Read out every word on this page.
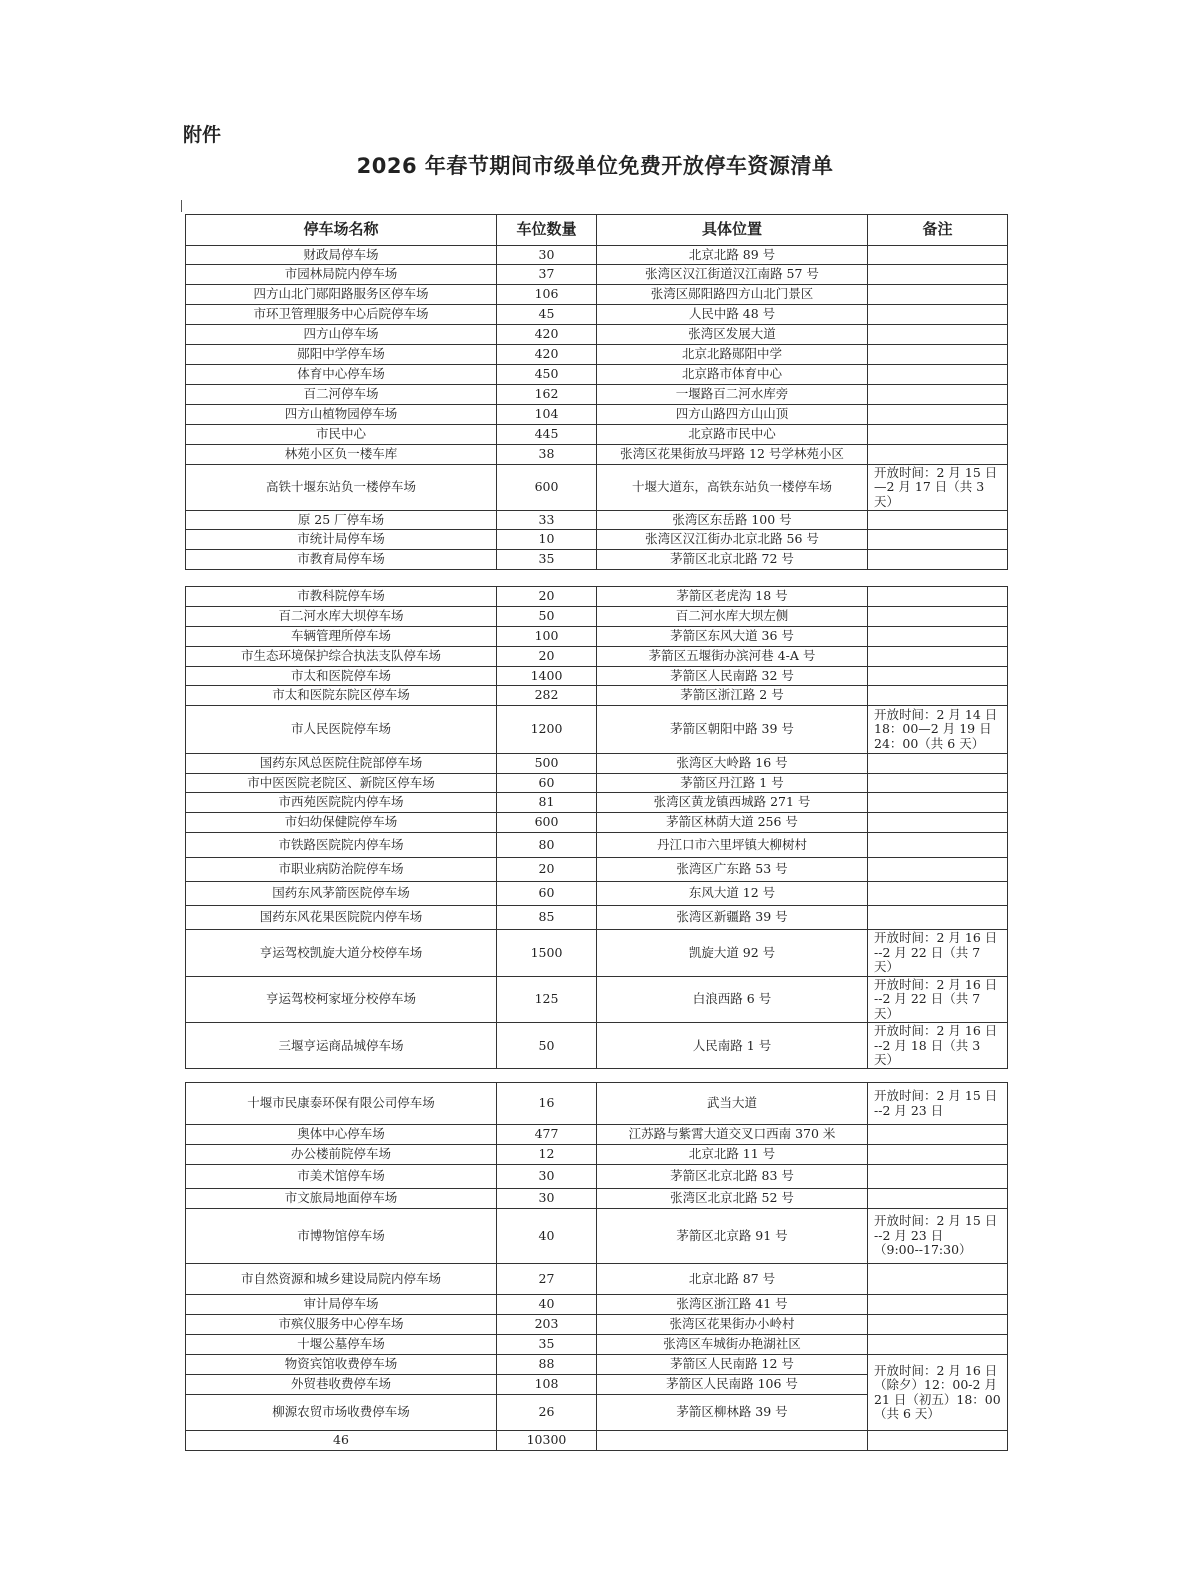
附件
2026 年春节期间市级单位免费开放停车资源清单
停车场名称	车位数量	具体位置	备注
财政局停车场	30	北京北路 89 号	
市园林局院内停车场	37	张湾区汉江街道汉江南路 57 号	
四方山北门郧阳路服务区停车场	106	张湾区郧阳路四方山北门景区	
市环卫管理服务中心后院停车场	45	人民中路 48 号	
四方山停车场	420	张湾区发展大道	
郧阳中学停车场	420	北京北路郧阳中学	
体育中心停车场	450	北京路市体育中心	
百二河停车场	162	一堰路百二河水库旁	
四方山植物园停车场	104	四方山路四方山山顶	
市民中心	445	北京路市民中心	
林苑小区负一楼车库	38	张湾区花果街放马坪路 12 号学林苑小区	
高铁十堰东站负一楼停车场	600	十堰大道东，高铁东站负一楼停车场	开放时间：2 月 15 日
—2 月 17 日（共 3 天）
原 25 厂停车场	33	张湾区东岳路 100 号	
市统计局停车场	10	张湾区汉江街办北京北路 56 号	
市教育局停车场	35	茅箭区北京北路 72 号	
市教科院停车场	20	茅箭区老虎沟 18 号	
百二河水库大坝停车场	50	百二河水库大坝左侧	
车辆管理所停车场	100	茅箭区东风大道 36 号	
市生态环境保护综合执法支队停车场	20	茅箭区五堰街办滨河巷 4-A 号	
市太和医院停车场	1400	茅箭区人民南路 32 号	
市太和医院东院区停车场	282	茅箭区浙江路 2 号	
市人民医院停车场	1200	茅箭区朝阳中路 39 号	开放时间：2 月 14 日
18：00—2 月 19 日
24：00（共 6 天）
国药东风总医院住院部停车场	500	张湾区大岭路 16 号	
市中医医院老院区、新院区停车场	60	茅箭区丹江路 1 号	
市西苑医院院内停车场	81	张湾区黄龙镇西城路 271 号	
市妇幼保健院停车场	600	茅箭区林荫大道 256 号	
市铁路医院院内停车场	80	丹江口市六里坪镇大柳树村	
市职业病防治院停车场	20	张湾区广东路 53 号	
国药东风茅箭医院停车场	60	东风大道 12 号	
国药东风花果医院院内停车场	85	张湾区新疆路 39 号	
亨运驾校凯旋大道分校停车场	1500	凯旋大道 92 号	开放时间：2 月 16 日
--2 月 22 日（共 7 天）
亨运驾校柯家垭分校停车场	125	白浪西路 6 号	开放时间：2 月 16 日
--2 月 22 日（共 7 天）
三堰亨运商品城停车场	50	人民南路 1 号	开放时间：2 月 16 日
--2 月 18 日（共 3 天）
十堰市民康泰环保有限公司停车场	16	武当大道	开放时间：2 月 15 日
--2 月 23 日
奥体中心停车场	477	江苏路与紫霄大道交叉口西南 370 米	
办公楼前院停车场	12	北京北路 11 号	
市美术馆停车场	30	茅箭区北京北路 83 号	
市文旅局地面停车场	30	张湾区北京北路 52 号	
市博物馆停车场	40	茅箭区北京路 91 号	开放时间：2 月 15 日
--2 月 23 日
（9:00--17:30）
市自然资源和城乡建设局院内停车场	27	北京北路 87 号	
审计局停车场	40	张湾区浙江路 41 号	
市殡仪服务中心停车场	203	张湾区花果街办小岭村	
十堰公墓停车场	35	张湾区车城街办艳湖社区	
物资宾馆收费停车场	88	茅箭区人民南路 12 号	开放时间：2 月 16 日
（除夕）12：00-2 月
21 日（初五）18：00
（共 6 天）
外贸巷收费停车场	108	茅箭区人民南路 106 号	
柳源农贸市场收费停车场	26	茅箭区柳林路 39 号	
46	10300		
